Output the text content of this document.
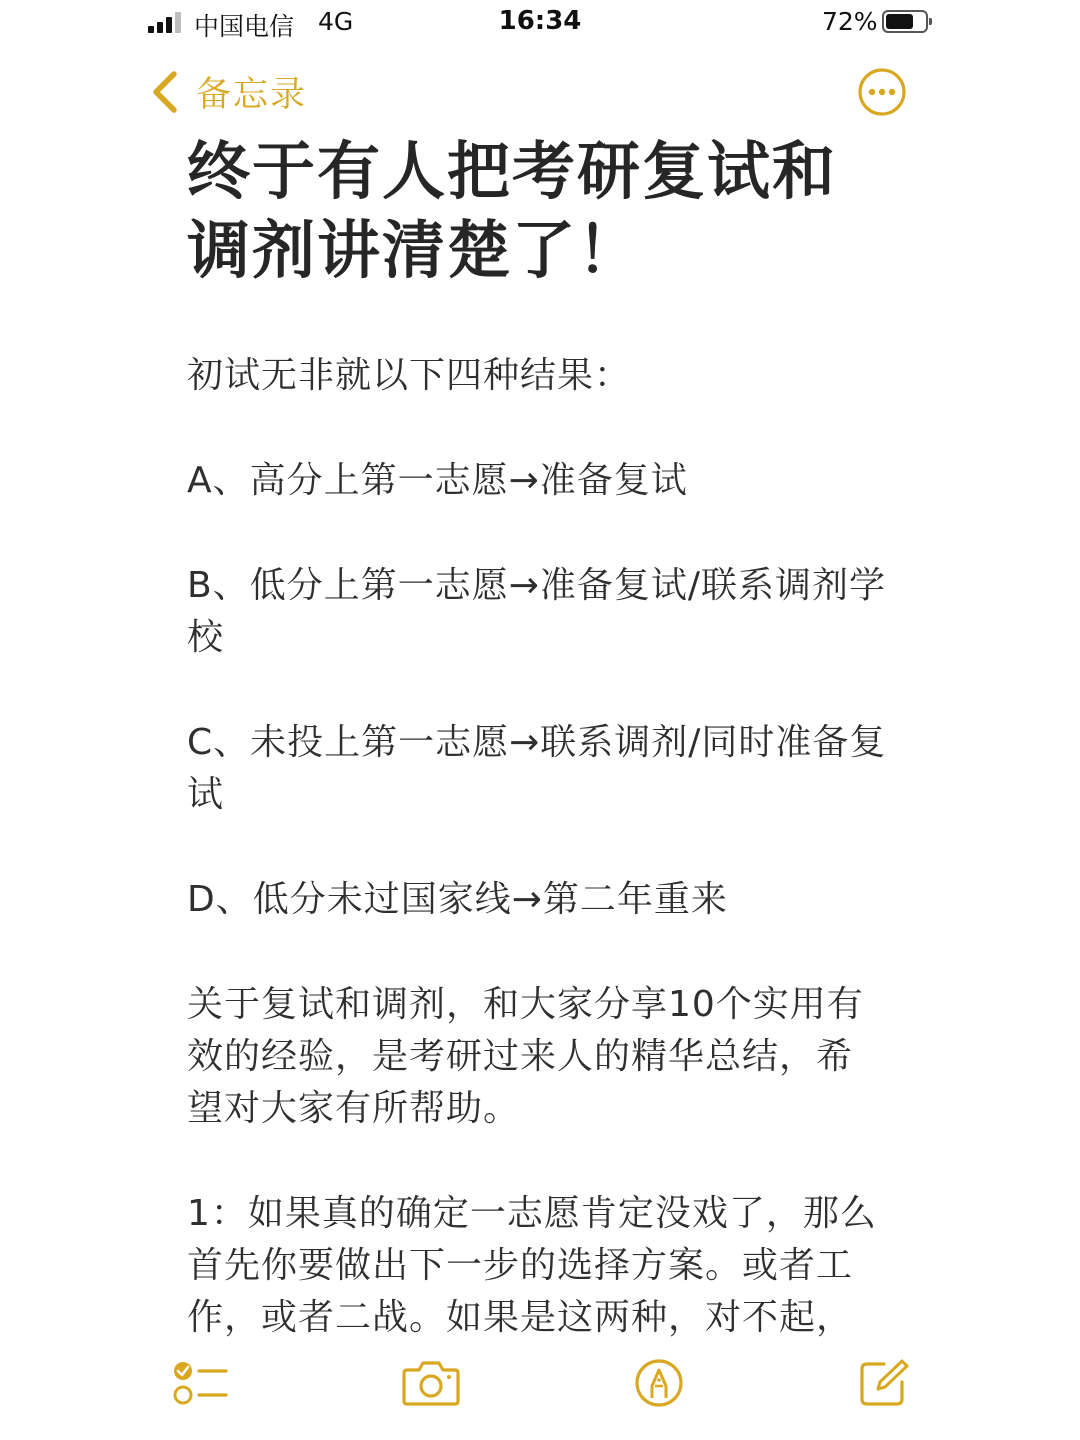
中国电信 4G	16:34	72%
备忘录
终于有人把考研复试和调剂讲清楚了！

初试无非就以下四种结果：

A、高分上第一志愿→准备复试

B、低分上第一志愿→准备复试/联系调剂学校

C、未投上第一志愿→联系调剂/同时准备复试

D、低分未过国家线→第二年重来

关于复试和调剂，和大家分享10个实用有效的经验，是考研过来人的精华总结，希望对大家有所帮助。

1：如果真的确定一志愿肯定没戏了，那么首先你要做出下一步的选择方案。或者工作，或者二战。如果是这两种，对不起，
